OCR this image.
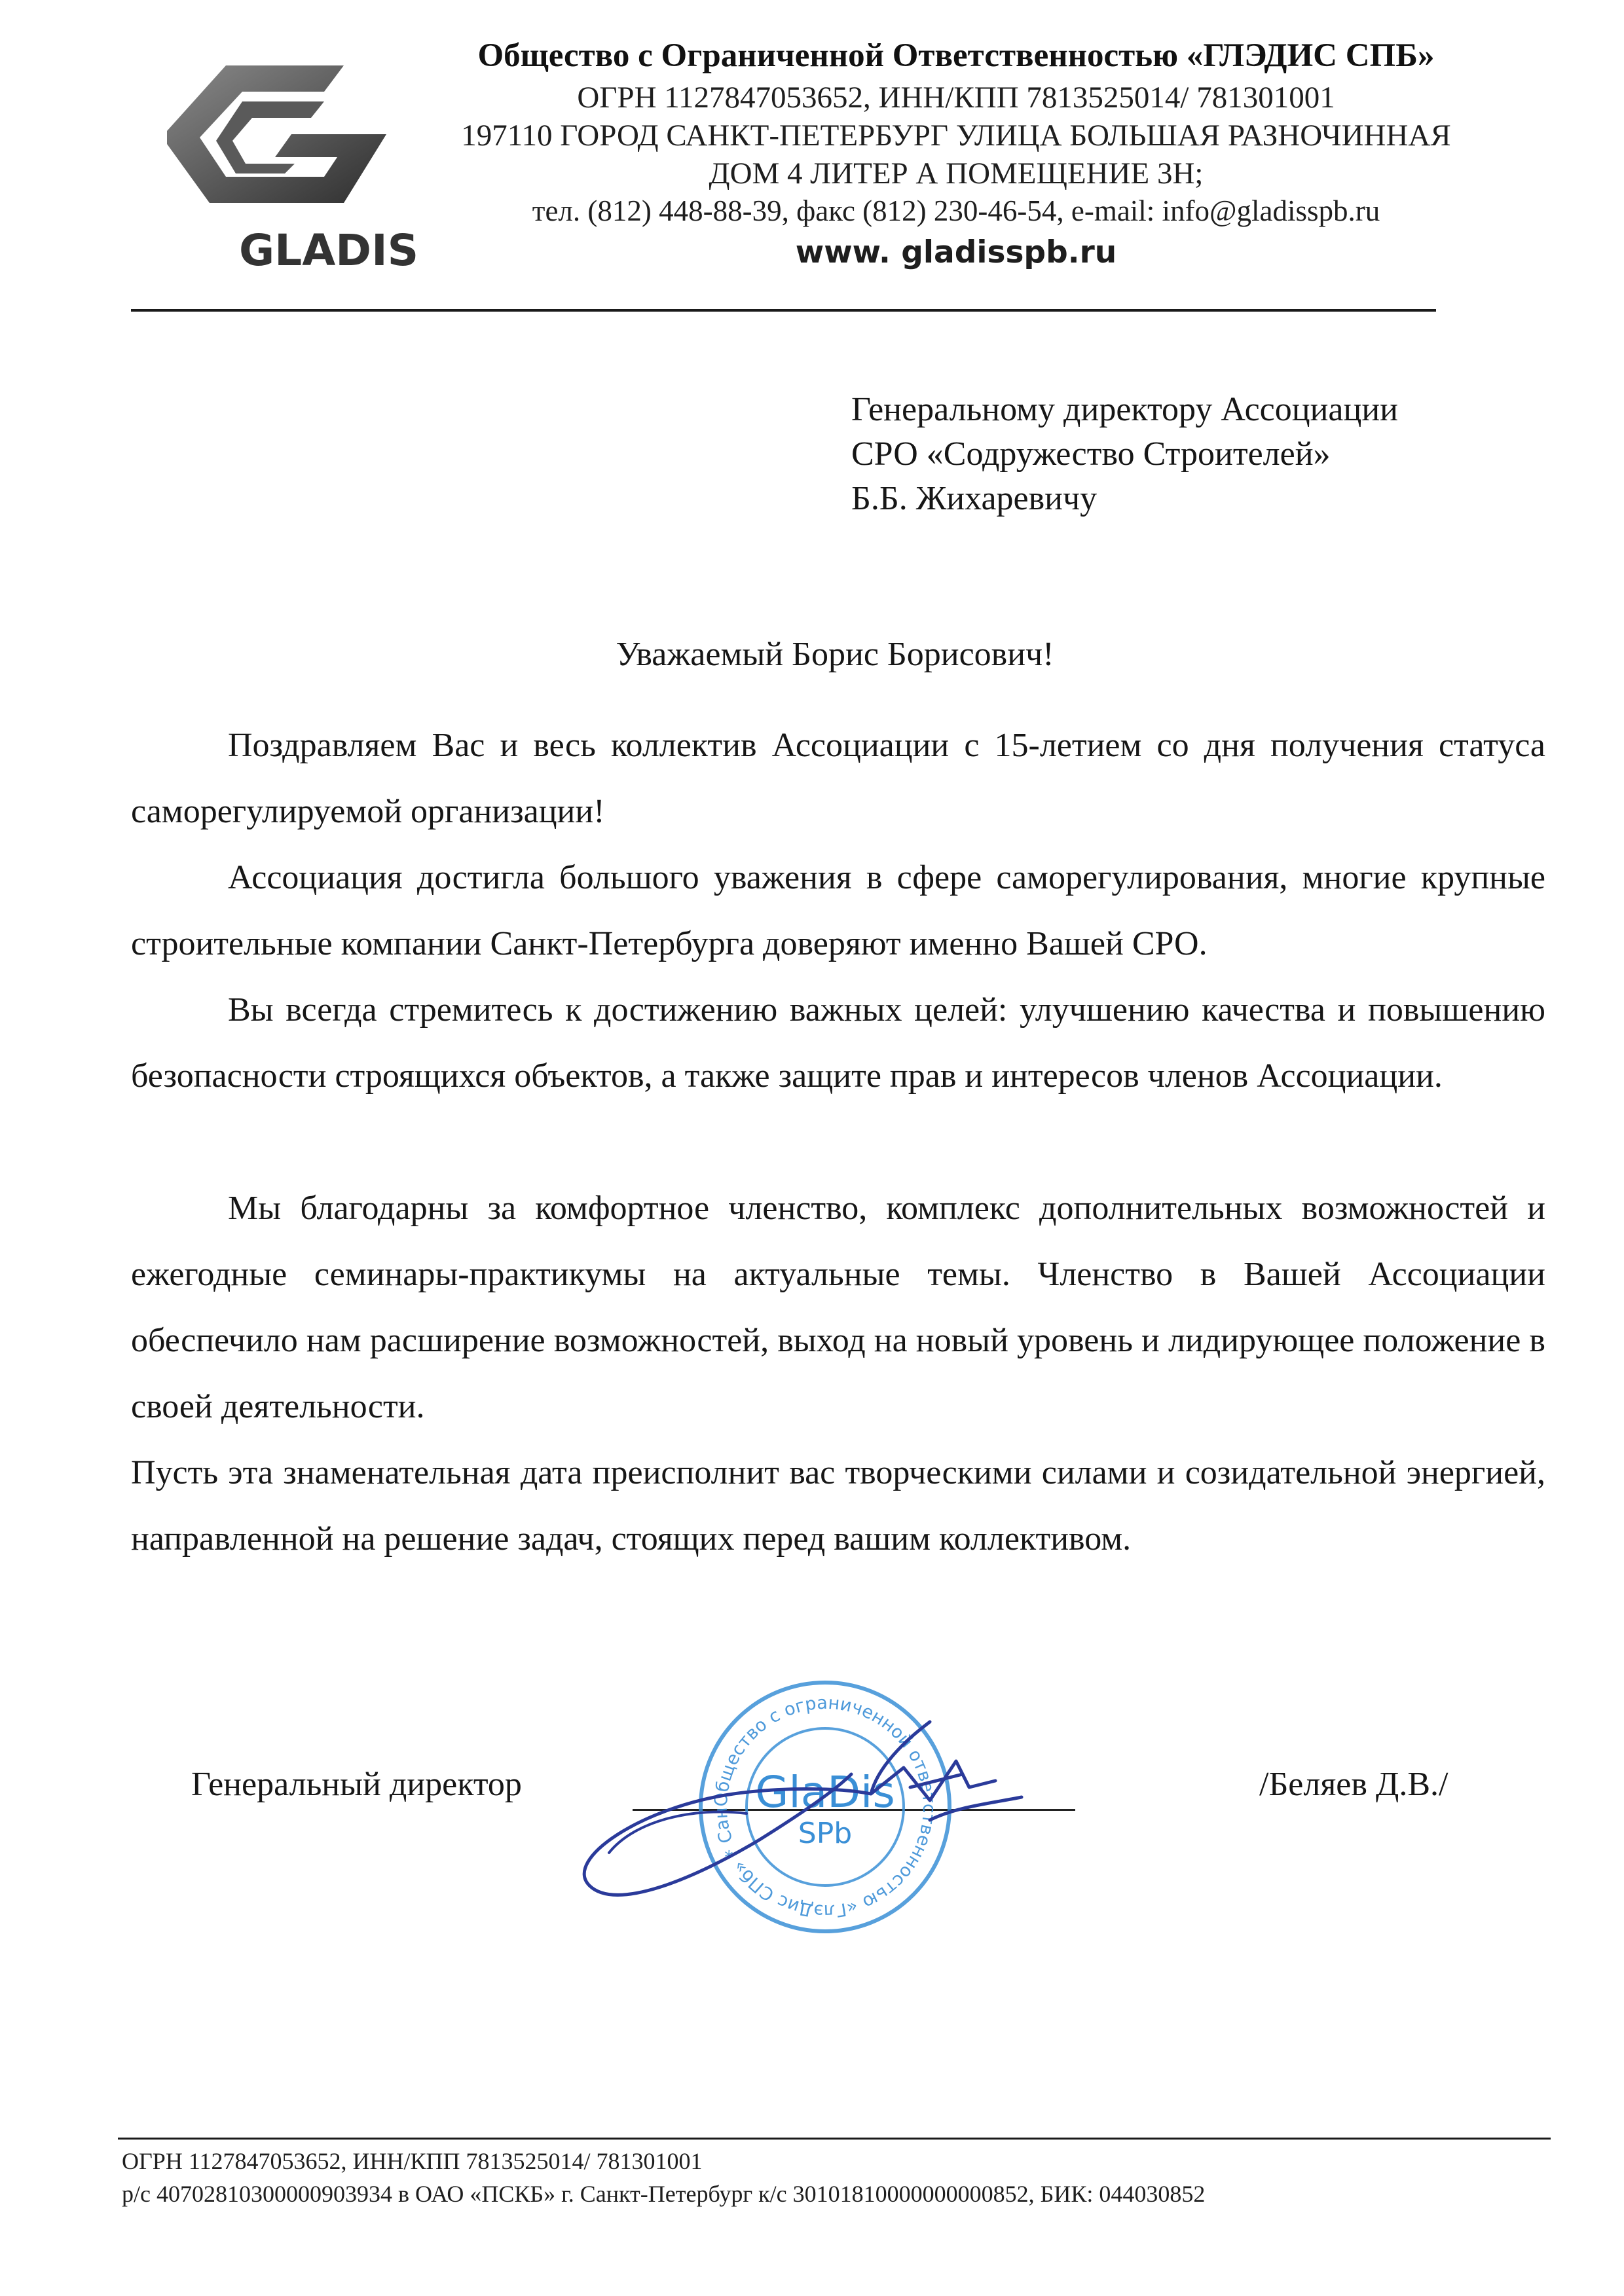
GLADIS
Общество с Ограниченной Ответственностью «ГЛЭДИС СПБ»
ОГРН 1127847053652, ИНН/КПП 7813525014/ 781301001
197110 ГОРОД САНКТ-ПЕТЕРБУРГ УЛИЦА БОЛЬШАЯ РАЗНОЧИННАЯ
ДОМ 4 ЛИТЕР А ПОМЕЩЕНИЕ 3Н;
тел. (812) 448-88-39, факс (812) 230-46-54, e-mail: info@gladisspb.ru
www. gladisspb.ru
Генеральному директору Ассоциации
СРО «Содружество Строителей»
Б.Б. Жихаревичу
Уважаемый Борис Борисович!
Поздравляем Вас и весь коллектив Ассоциации с 15-летием со дня получения статуса саморегулируемой организации!
Ассоциация достигла большого уважения в сфере саморегулирования, многие крупные строительные компании Санкт-Петербурга доверяют именно Вашей СРО.
Вы всегда стремитесь к достижению важных целей: улучшению качества и повышению безопасности строящихся объектов, а также защите прав и интересов членов Ассоциации.
Мы благодарны за комфортное членство, комплекс дополнительных возможностей и ежегодные семинары-практикумы на актуальные темы. Членство в Вашей Ассоциации обеспечило нам расширение возможностей, выход на новый уровень и лидирующее положение в своей деятельности.
Пусть эта знаменательная дата преисполнит вас творческими силами и созидательной энергией, направленной на решение задач, стоящих перед вашим коллективом.
Генеральный директор	/Беляев Д.В./
Общество с ограниченной ответственностью «ГлэДис СПб» * Сан GlaDis
SPb
ОГРН 1127847053652, ИНН/КПП 7813525014/ 781301001
р/с 40702810300000903934 в ОАО «ПСКБ» г. Санкт-Петербург к/с 30101810000000000852, БИК: 044030852
